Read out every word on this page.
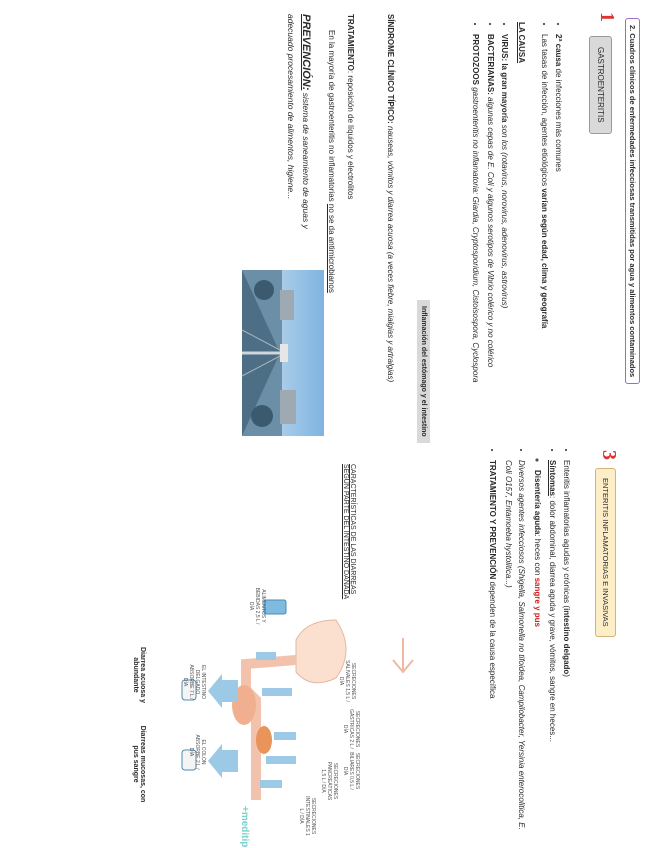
2. Cuadros clínicos de enfermedades infecciosas transmitidas por agua y alimentos contaminados
1
GASTROENTERITIS
• 2ª causa de infecciones más comunes
• Las tasas de infección, agentes etiológicos varían según edad, clima y geografía
LA CAUSA
• VIRUS: la gran mayoría son los (rotavirus, norovirus, adenovirus, astrovirus)
• BACTERIANAS: algunas cepas de E. Coli y algunos serotipos de Vibrio colérico y no colérico
• PROTOZOOS gastroenteritis no inflamatoria: Giardia, Cryptosporidium, Cistoisospora, Cyclospora
Inflamación del estómago y el intestino
SÍNDROME CLÍNICO TÍPICO: nauseas, vómitos y diarrea acuosa (a veces fiebre, mialgias y artralgias)
TRATAMIENTO: reposición de líquidos y electrolitos
En la mayoría de gastroenteritis no inflamatorias no se da antimicrobianos
PREVENCIÓN: sistema de saneamiento de aguas y adecuado procesamiento de alimentos, higiene...
3
ENTERITIS INFLAMATORIAS E INVASIVAS
• Enteritis inflamatorias agudas y crónicas (intestino delgado)
• Síntomas: dolor abdominal, diarrea aguda y grave, vómitos, sangre en heces...
◦ Disentería aguda: heces con sangre y pus
• Diversos agentes infecciosos (Shigella, Salmonella no tifoidea, Campilobacter, Yersinia enterocolitica, E. Coli O157, Entamoeba hystolitica...)
• TRATAMIENTO Y PREVENCIÓN dependen de la causa específica
CARACTERÍSTICAS DE LAS DIARREAS
SEGÚN PARTE DEL INTESTINO DAÑADA
SECRECIONES SALIVALES 1,5 L / DÍA
SECRECIONES GÁSTRICAS 2 L / DÍA
SECRECIONES BILIARES 0,5 L / DÍA
SECRECIONES PANCREÁTICAS 1,5 L / DÍA
SECRECIONES INTESTINALES 1 L / DÍA
ALIMENTOS Y BEBIDAS 2,5 L / DÍA
EL INTESTINO DELGADO ABSORBE 7 L / DÍA
EL COLON ABSORBE 2 L / DÍA
+meditip
Diarrea acuosa y abundante
Diarreas mucosas, con pus sangre
